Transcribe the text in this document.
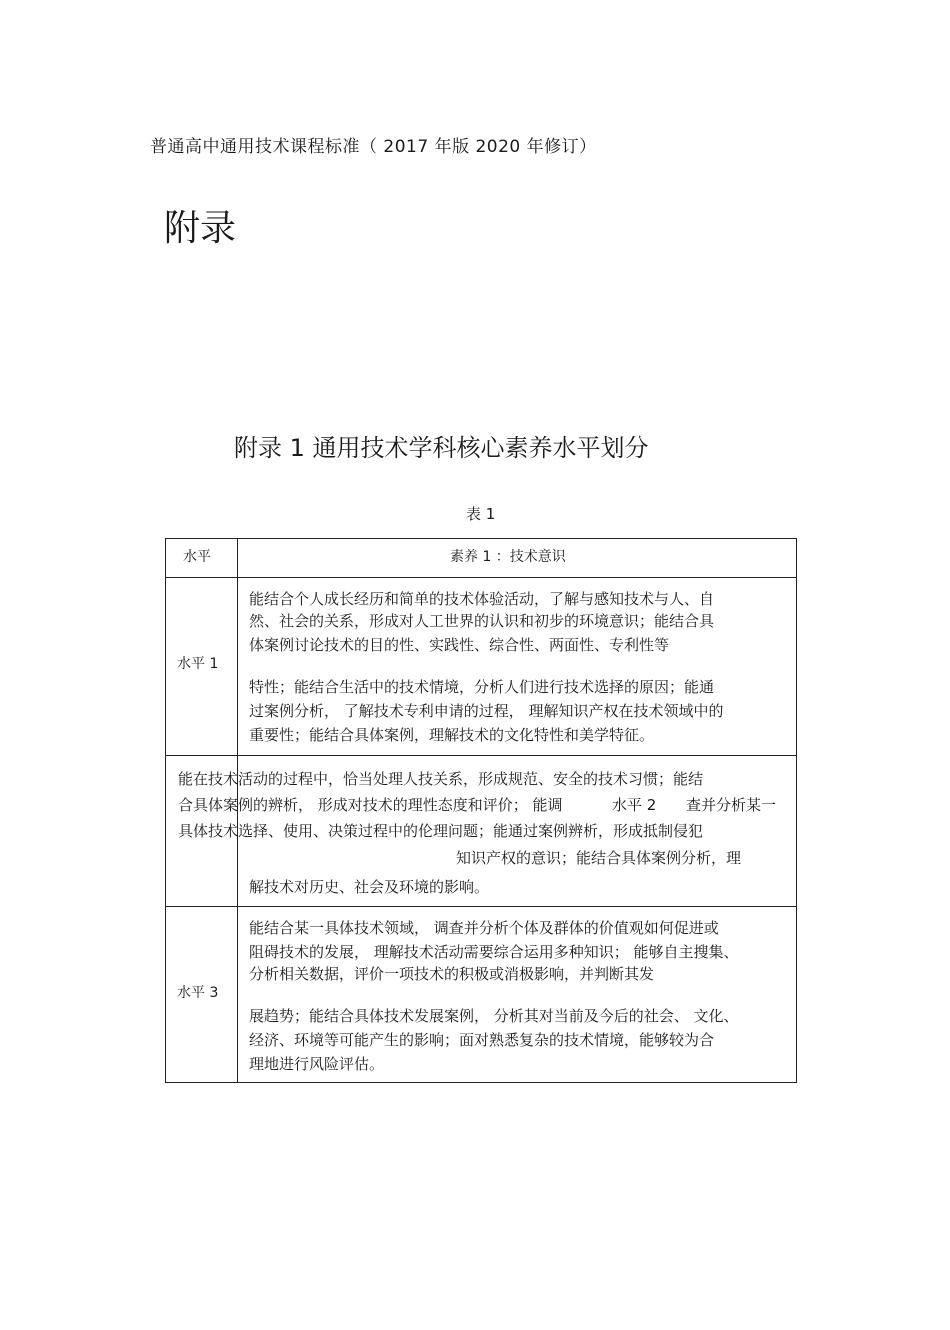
普通高中通用技术课程标准（ 2017 年版 2020 年修订）
附录
附录 1 通用技术学科核心素养水平划分
表 1
水平	素养 1 ：技术意识
水平 1
能结合个人成长经历和简单的技术体验活动，了解与感知技术与人、自
然、社会的关系，形成对人工世界的认识和初步的环境意识；能结合具
体案例讨论技术的目的性、实践性、综合性、两面性、专利性等
特性；能结合生活中的技术情境，分析人们进行技术选择的原因；能通
过案例分析， 了解技术专利申请的过程， 理解知识产权在技术领域中的
重要性；能结合具体案例，理解技术的文化特性和美学特征。
能在技术活动的过程中，恰当处理人技关系，形成规范、安全的技术习惯；能结
合具体案例的辨析， 形成对技术的理性态度和评价； 能调	水平 2 查并分析某一
具体技术选择、使用、决策过程中的伦理问题；能通过案例辨析，形成抵制侵犯
知识产权的意识；能结合具体案例分析，理
解技术对历史、社会及环境的影响。
水平 3
能结合某一具体技术领域， 调查并分析个体及群体的价值观如何促进或
阻碍技术的发展， 理解技术活动需要综合运用多种知识； 能够自主搜集、
分析相关数据，评价一项技术的积极或消极影响，并判断其发
展趋势；能结合具体技术发展案例， 分析其对当前及今后的社会、 文化、
经济、环境等可能产生的影响；面对熟悉复杂的技术情境，能够较为合
理地进行风险评估。
